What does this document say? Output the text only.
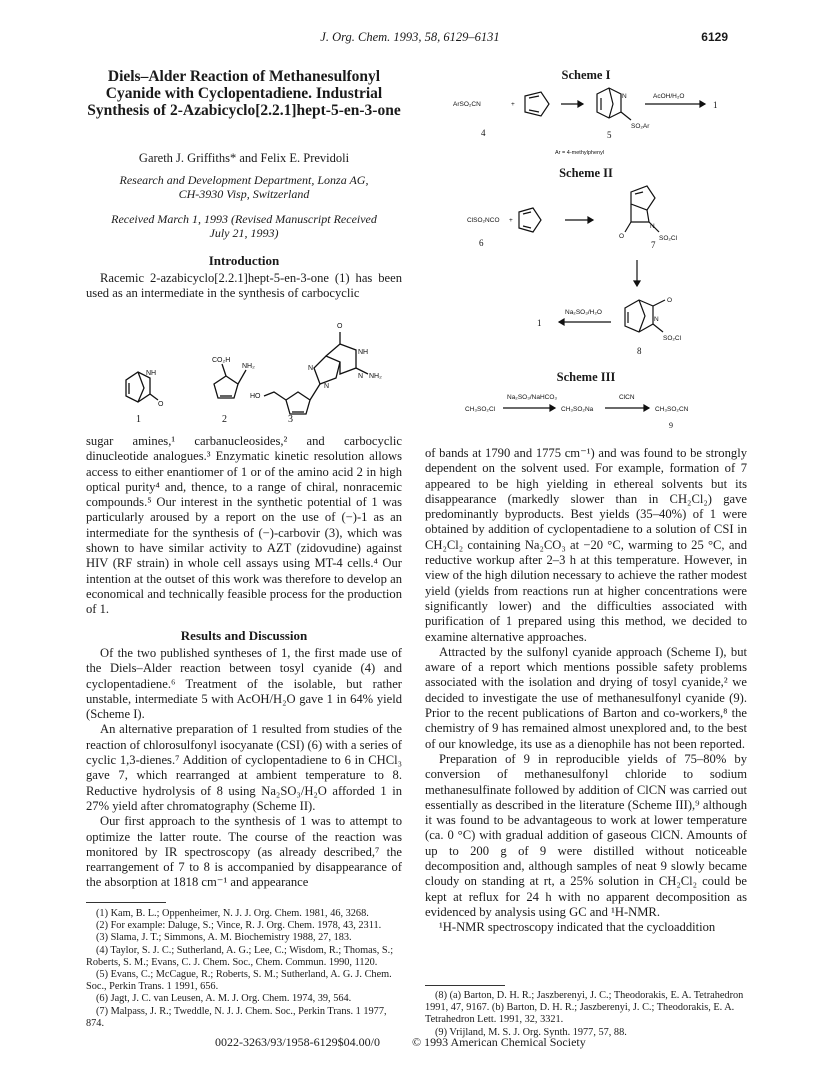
J. Org. Chem. 1993, 58, 6129–6131	6129
Diels–Alder Reaction of Methanesulfonyl Cyanide with Cyclopentadiene. Industrial Synthesis of 2-Azabicyclo[2.2.1]hept-5-en-3-one
Gareth J. Griffiths* and Felix E. Previdoli
Research and Development Department, Lonza AG,
CH-3930 Visp, Switzerland
Received March 1, 1993 (Revised Manuscript Received
July 21, 1993)
Introduction

Racemic 2-azabicyclo[2.2.1]hept-5-en-3-one (1) has been used as an intermediate in the synthesis of carbocyclic

NH
O
CO₂H
NH₂
HO
N
N
NH
O
N NH₂
1	2	3

sugar amines,¹ carbanucleosides,² and carbocyclic dinucleotide analogues.³ Enzymatic kinetic resolution allows access to either enantiomer of 1 or of the amino acid 2 in high optical purity⁴ and, thence, to a range of chiral, nonracemic compounds.⁵ Our interest in the synthetic potential of 1 was particularly aroused by a report on the use of (−)-1 as an intermediate for the synthesis of (−)-carbovir (3), which was shown to have similar activity to AZT (zidovudine) against HIV (RF strain) in whole cell assays using MT-4 cells.⁴ Our intention at the outset of this work was therefore to develop an economical and technically feasible process for the production of 1.

Results and Discussion

Of the two published syntheses of 1, the first made use of the Diels–Alder reaction between tosyl cyanide (4) and cyclopentadiene.⁶ Treatment of the isolable, but rather unstable, intermediate 5 with AcOH/H₂O gave 1 in 64% yield (Scheme I).

An alternative preparation of 1 resulted from studies of the reaction of chlorosulfonyl isocyanate (CSI) (6) with a series of cyclic 1,3-dienes.⁷ Addition of cyclopentadiene to 6 in CHCl₃ gave 7, which rearranged at ambient temperature to 8. Reductive hydrolysis of 8 using Na₂SO₃/H₂O afforded 1 in 27% yield after chromatography (Scheme II).

Our first approach to the synthesis of 1 was to attempt to optimize the latter route. The course of the reaction was monitored by IR spectroscopy (as already described,⁷ the rearrangement of 7 to 8 is accompanied by disappearance of the absorption at 1818 cm⁻¹ and appearance

(1) Kam, B. L.; Oppenheimer, N. J. J. Org. Chem. 1981, 46, 3268.
(2) For example: Daluge, S.; Vince, R. J. Org. Chem. 1978, 43, 2311.
(3) Slama, J. T.; Simmons, A. M. Biochemistry 1988, 27, 183.
(4) Taylor, S. J. C.; Sutherland, A. G.; Lee, C.; Wisdom, R.; Thomas, S.; Roberts, S. M.; Evans, C. J. Chem. Soc., Chem. Commun. 1990, 1120.
(5) Evans, C.; McCague, R.; Roberts, S. M.; Sutherland, A. G. J. Chem. Soc., Perkin Trans. 1 1991, 656.
(6) Jagt, J. C. van Leusen, A. M. J. Org. Chem. 1974, 39, 564.
(7) Malpass, J. R.; Tweddle, N. J. J. Chem. Soc., Perkin Trans. 1 1977, 874.
Scheme I
ArSO₂CN	+
N
SO₂Ar
AcOH/H₂O
Ar = 4-methylphenyl
1
4	5
Scheme II
ClSO₂NCO +
O
N
SO₂Cl
O
N
SO₂Cl
Na₂SO₃/H₂O
6	7
8
1
Scheme III
CH₃SO₂Cl
Na₂SO₃/NaHCO₃
CH₃SO₂Na
ClCN
CH₃SO₂CN
9

of bands at 1790 and 1775 cm⁻¹) and was found to be strongly dependent on the solvent used. For example, formation of 7 appeared to be high yielding in ethereal solvents but its disappearance (markedly slower than in CH₂Cl₂) gave predominantly byproducts. Best yields (35–40%) of 1 were obtained by addition of cyclopentadiene to a solution of CSI in CH₂Cl₂ containing Na₂CO₃ at −20 °C, warming to 25 °C, and reductive workup after 2–3 h at this temperature. However, in view of the high dilution necessary to achieve the rather modest yield (yields from reactions run at higher concentrations were significantly lower) and the difficulties associated with purification of 1 prepared using this method, we decided to examine alternative approaches.

Attracted by the sulfonyl cyanide approach (Scheme I), but aware of a report which mentions possible safety problems associated with the isolation and drying of tosyl cyanide,² we decided to investigate the use of methanesulfonyl cyanide (9). Prior to the recent publications of Barton and co-workers,⁸ the chemistry of 9 has remained almost unexplored and, to the best of our knowledge, its use as a dienophile has not been reported.

Preparation of 9 in reproducible yields of 75–80% by conversion of methanesulfonyl chloride to sodium methanesulfinate followed by addition of ClCN was carried out essentially as described in the literature (Scheme III),⁹ although it was found to be advantageous to work at lower temperature (ca. 0 °C) with gradual addition of gaseous ClCN. Amounts of up to 200 g of 9 were distilled without noticeable decomposition and, although samples of neat 9 slowly became cloudy on standing at rt, a 25% solution in CH₂Cl₂ could be kept at reflux for 24 h with no apparent decomposition as evidenced by analysis using GC and ¹H-NMR.

¹H-NMR spectroscopy indicated that the cycloaddition

(8) (a) Barton, D. H. R.; Jaszberenyi, J. C.; Theodorakis, E. A. Tetrahedron 1991, 47, 9167. (b) Barton, D. H. R.; Jaszberenyi, J. C.; Theodorakis, E. A. Tetrahedron Lett. 1991, 32, 3321.
(9) Vrijland, M. S. J. Org. Synth. 1977, 57, 88.
0022-3263/93/1958-6129$04.00/0	© 1993 American Chemical Society
